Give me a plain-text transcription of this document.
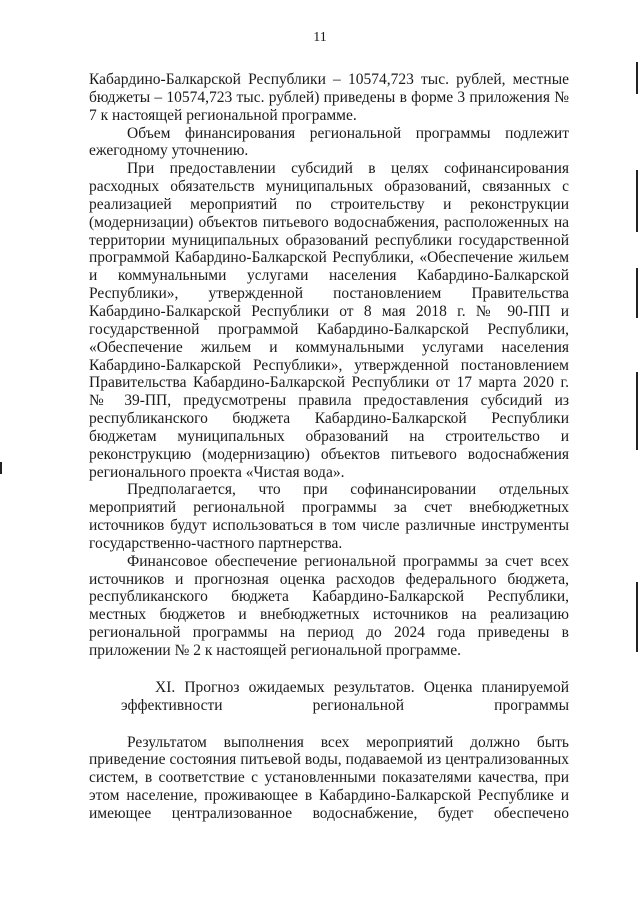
11

Кабардино-Балкарской Республики – 10574,723 тыс. рублей, местные бюджеты – 10574,723 тыс. рублей) приведены в форме 3 приложения № 7 к настоящей региональной программе.

Объем финансирования региональной программы подлежит ежегодному уточнению.

При предоставлении субсидий в целях софинансирования расходных обязательств муниципальных образований, связанных с реализацией мероприятий по строительству и реконструкции (модернизации) объектов питьевого водоснабжения, расположенных на территории муниципальных образований республики государственной программой Кабардино-Балкарской Республики, «Обеспечение жильем и коммунальными услугами населения Кабардино-Балкарской Республики», утвержденной постановлением Правительства Кабардино-Балкарской Республики от 8 мая 2018 г. № 90-ПП и государственной программой Кабардино-Балкарской Республики, «Обеспечение жильем и коммунальными услугами населения Кабардино-Балкарской Республики», утвержденной постановлением Правительства Кабардино-Балкарской Республики от 17 марта 2020 г. № 39-ПП, предусмотрены правила предоставления субсидий из республиканского бюджета Кабардино-Балкарской Республики бюджетам муниципальных образований на строительство и реконструкцию (модернизацию) объектов питьевого водоснабжения регионального проекта «Чистая вода».

Предполагается, что при софинансировании отдельных мероприятий региональной программы за счет внебюджетных источников будут использоваться в том числе различные инструменты государственно-частного партнерства.

Финансовое обеспечение региональной программы за счет всех источников и прогнозная оценка расходов федерального бюджета, республиканского бюджета Кабардино-Балкарской Республики, местных бюджетов и внебюджетных источников на реализацию региональной программы на период до 2024 года приведены в приложении № 2 к настоящей региональной программе.

XI. Прогноз ожидаемых результатов. Оценка планируемой
эффективности региональной программы

Результатом выполнения всех мероприятий должно быть приведение состояния питьевой воды, подаваемой из централизованных систем, в соответствие с установленными показателями качества, при этом население, проживающее в Кабардино-Балкарской Республике и имеющее централизованное водоснабжение, будет обеспечено
